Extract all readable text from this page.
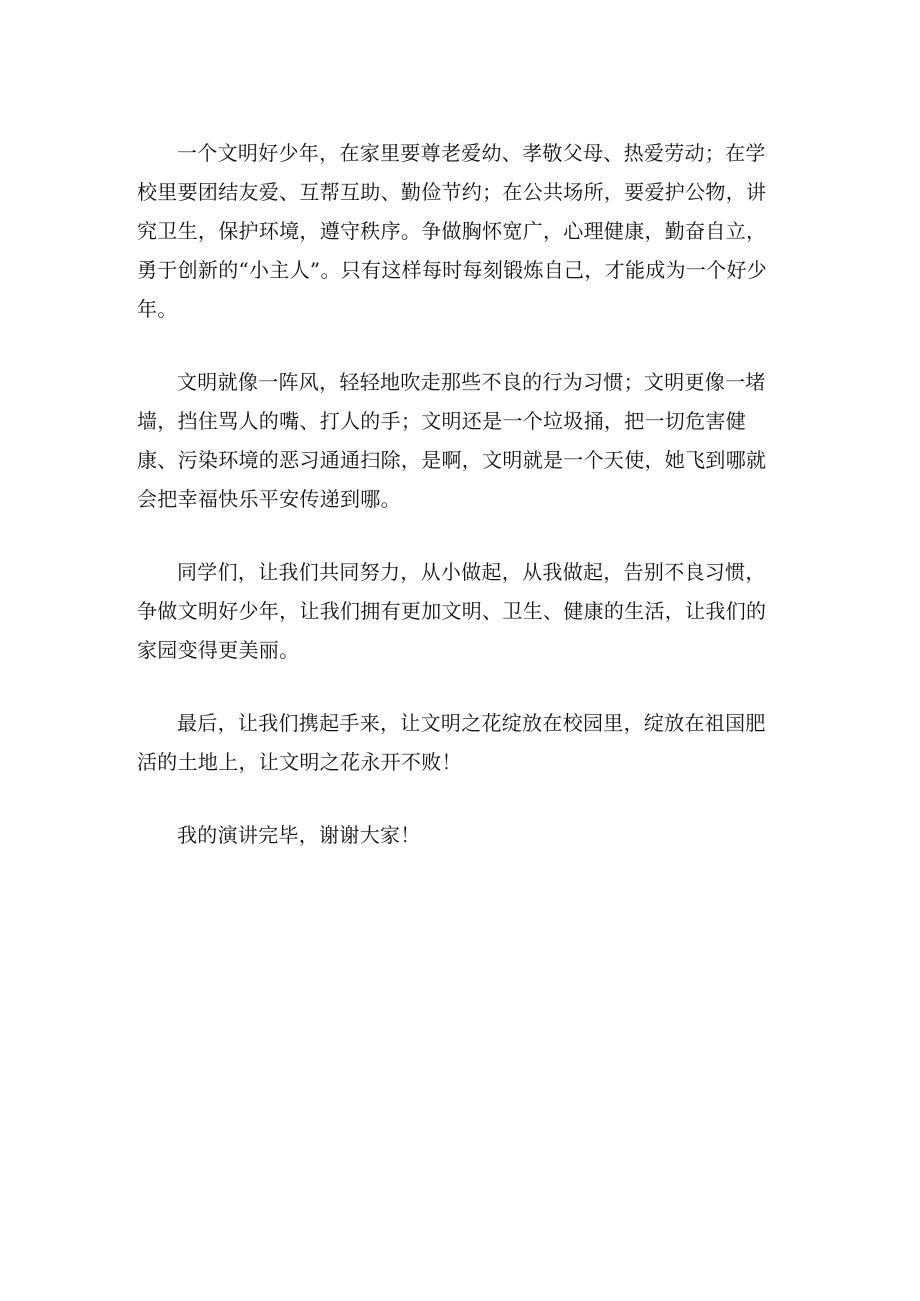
一个文明好少年，在家里要尊老爱幼、孝敬父母、热爱劳动；在学校里要团结友爱、互帮互助、勤俭节约；在公共场所，要爱护公物，讲究卫生，保护环境，遵守秩序。争做胸怀宽广，心理健康，勤奋自立，勇于创新的“小主人”。只有这样每时每刻锻炼自己，才能成为一个好少年。

文明就像一阵风，轻轻地吹走那些不良的行为习惯；文明更像一堵墙，挡住骂人的嘴、打人的手；文明还是一个垃圾捅，把一切危害健康、污染环境的恶习通通扫除，是啊，文明就是一个天使，她飞到哪就会把幸福快乐平安传递到哪。

同学们，让我们共同努力，从小做起，从我做起，告别不良习惯，争做文明好少年，让我们拥有更加文明、卫生、健康的生活，让我们的家园变得更美丽。

最后，让我们携起手来，让文明之花绽放在校园里，绽放在祖国肥活的土地上，让文明之花永开不败！

我的演讲完毕，谢谢大家！
